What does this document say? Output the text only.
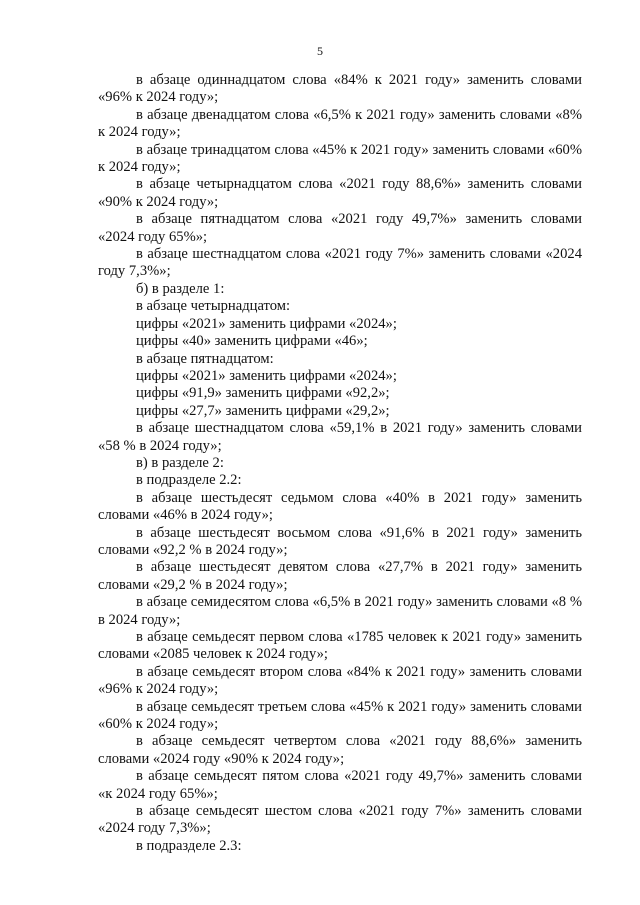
5

в абзаце одиннадцатом слова «84% к 2021 году» заменить словами «96% к 2024 году»;

в абзаце двенадцатом слова «6,5% к 2021 году» заменить словами «8% к 2024 году»;

в абзаце тринадцатом слова «45% к 2021 году» заменить словами «60% к 2024 году»;

в абзаце четырнадцатом слова «2021 году 88,6%» заменить словами «90% к 2024 году»;

в абзаце пятнадцатом слова «2021 году 49,7%» заменить словами «2024 году 65%»;

в абзаце шестнадцатом слова «2021 году 7%» заменить словами «2024 году 7,3%»;

б) в разделе 1:

в абзаце четырнадцатом:

цифры «2021» заменить цифрами «2024»;

цифры «40» заменить цифрами «46»;

в абзаце пятнадцатом:

цифры «2021» заменить цифрами «2024»;

цифры «91,9» заменить цифрами «92,2»;

цифры «27,7» заменить цифрами «29,2»;

в абзаце шестнадцатом слова «59,1% в 2021 году» заменить словами «58 % в 2024 году»;

в) в разделе 2:

в подразделе 2.2:

в абзаце шестьдесят седьмом слова «40% в 2021 году» заменить словами «46% в 2024 году»;

в абзаце шестьдесят восьмом слова «91,6% в 2021 году» заменить словами «92,2 % в 2024 году»;

в абзаце шестьдесят девятом слова «27,7% в 2021 году» заменить словами «29,2 % в 2024 году»;

в абзаце семидесятом слова «6,5% в 2021 году» заменить словами «8 % в 2024 году»;

в абзаце семьдесят первом слова «1785 человек к 2021 году» заменить словами «2085 человек к 2024 году»;

в абзаце семьдесят втором слова «84% к 2021 году» заменить словами «96% к 2024 году»;

в абзаце семьдесят третьем слова «45% к 2021 году» заменить словами «60% к 2024 году»;

в абзаце семьдесят четвертом слова «2021 году 88,6%» заменить словами «2024 году «90% к 2024 году»;

в абзаце семьдесят пятом слова «2021 году 49,7%» заменить словами «к 2024 году 65%»;

в абзаце семьдесят шестом слова «2021 году 7%» заменить словами «2024 году 7,3%»;

в подразделе 2.3:
